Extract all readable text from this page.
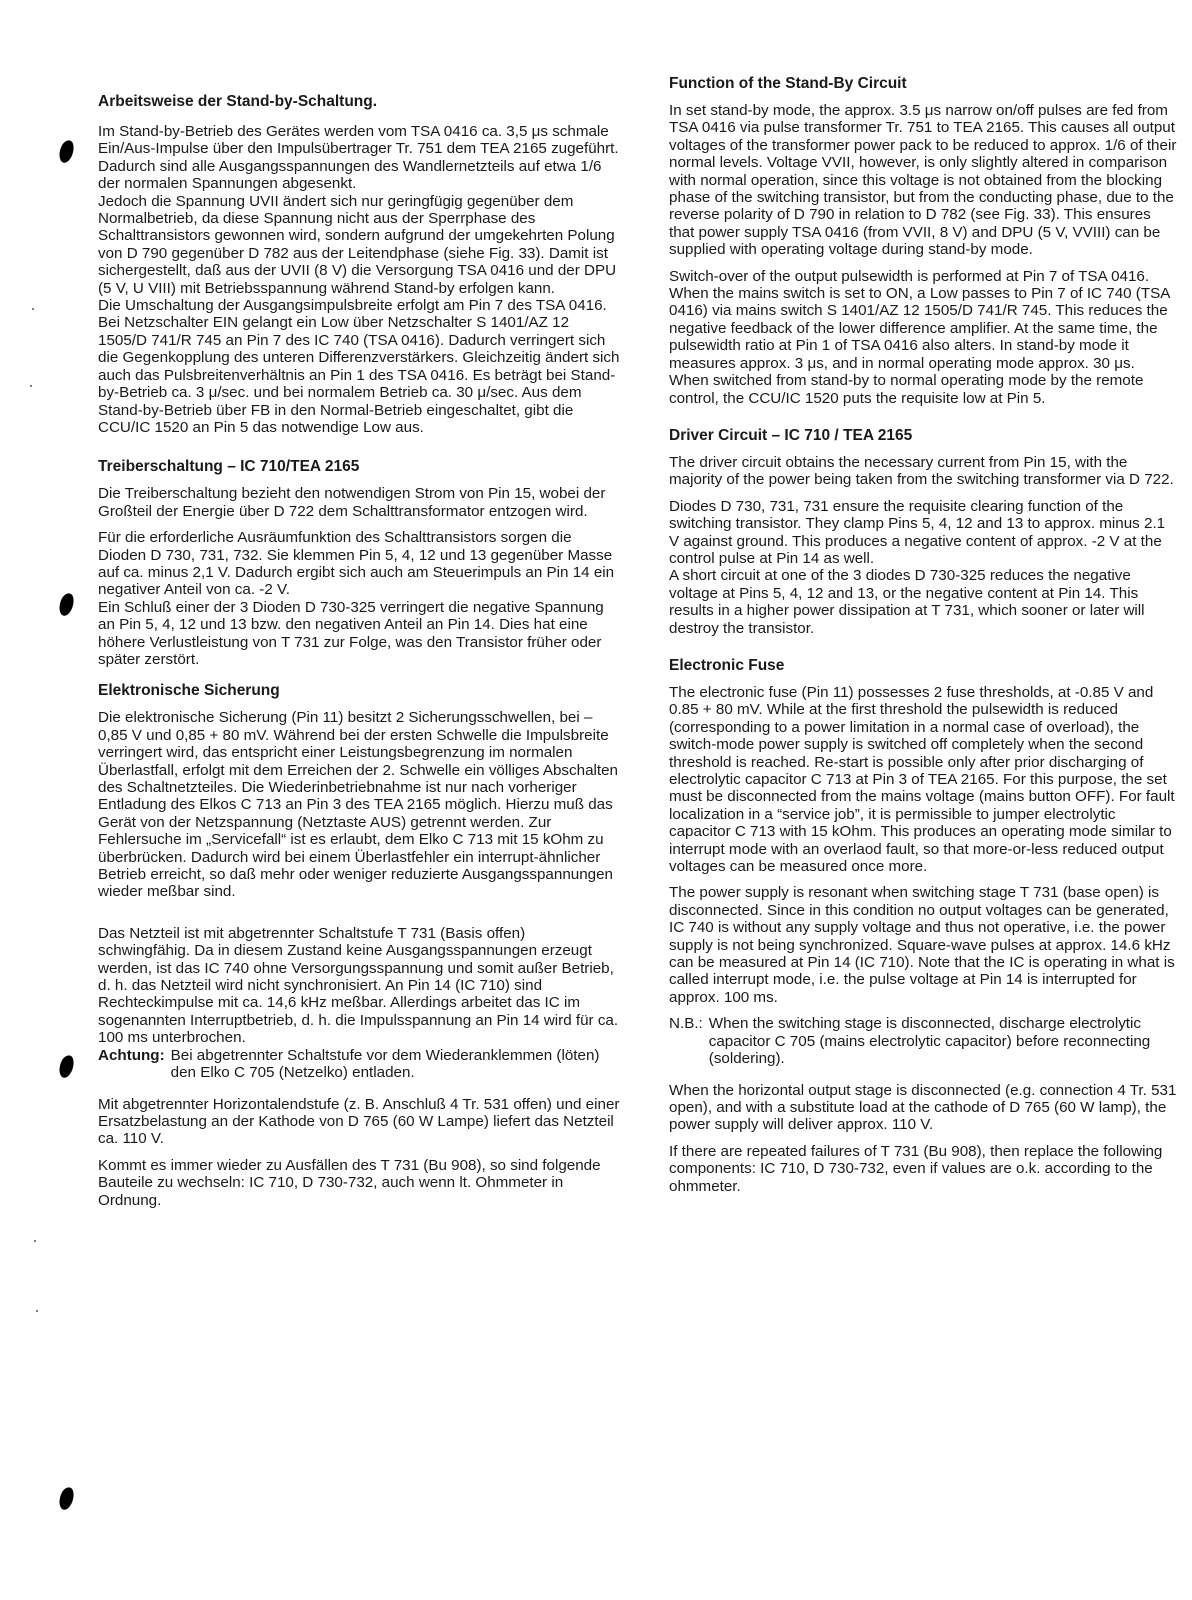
Arbeitsweise der Stand-by-Schaltung.

Im Stand-by-Betrieb des Gerätes werden vom TSA 0416 ca. 3,5 μs schmale Ein/Aus-Impulse über den Impulsübertrager Tr. 751 dem TEA 2165 zugeführt. Dadurch sind alle Ausgangsspannungen des Wandlernetzteils auf etwa 1/6 der normalen Spannungen abgesenkt.

Jedoch die Spannung UVII ändert sich nur geringfügig gegenüber dem Normalbetrieb, da diese Spannung nicht aus der Sperrphase des Schalttransistors gewonnen wird, sondern aufgrund der umgekehrten Polung von D 790 gegenüber D 782 aus der Leitendphase (siehe Fig. 33). Damit ist sichergestellt, daß aus der UVII (8 V) die Versorgung TSA 0416 und der DPU (5 V, U VIII) mit Betriebsspannung während Stand-by erfolgen kann.

Die Umschaltung der Ausgangsimpulsbreite erfolgt am Pin 7 des TSA 0416. Bei Netzschalter EIN gelangt ein Low über Netzschalter S 1401/AZ 12 1505/D 741/R 745 an Pin 7 des IC 740 (TSA 0416). Dadurch verringert sich die Gegenkopplung des unteren Differenzverstärkers. Gleichzeitig ändert sich auch das Pulsbreitenverhältnis an Pin 1 des TSA 0416. Es beträgt bei Stand-by-Betrieb ca. 3 μ/sec. und bei normalem Betrieb ca. 30 μ/sec. Aus dem Stand-by-Betrieb über FB in den Normal-Betrieb eingeschaltet, gibt die CCU/IC 1520 an Pin 5 das notwendige Low aus.

Treiberschaltung – IC 710/TEA 2165

Die Treiberschaltung bezieht den notwendigen Strom von Pin 15, wobei der Großteil der Energie über D 722 dem Schalttransformator entzogen wird.

Für die erforderliche Ausräumfunktion des Schalttransistors sorgen die Dioden D 730, 731, 732. Sie klemmen Pin 5, 4, 12 und 13 gegenüber Masse auf ca. minus 2,1 V. Dadurch ergibt sich auch am Steuerimpuls an Pin 14 ein negativer Anteil von ca. -2 V.

Ein Schluß einer der 3 Dioden D 730-325 verringert die negative Spannung an Pin 5, 4, 12 und 13 bzw. den negativen Anteil an Pin 14. Dies hat eine höhere Verlustleistung von T 731 zur Folge, was den Transistor früher oder später zerstört.

Elektronische Sicherung

Die elektronische Sicherung (Pin 11) besitzt 2 Sicherungsschwellen, bei – 0,85 V und 0,85 + 80 mV. Während bei der ersten Schwelle die Impulsbreite verringert wird, das entspricht einer Leistungsbegrenzung im normalen Überlastfall, erfolgt mit dem Erreichen der 2. Schwelle ein völliges Abschalten des Schaltnetzteiles. Die Wiederinbetriebnahme ist nur nach vorheriger Entladung des Elkos C 713 an Pin 3 des TEA 2165 möglich. Hierzu muß das Gerät von der Netzspannung (Netztaste AUS) getrennt werden. Zur Fehlersuche im „Servicefall“ ist es erlaubt, dem Elko C 713 mit 15 kOhm zu überbrücken. Dadurch wird bei einem Überlastfehler ein interrupt-ähnlicher Betrieb erreicht, so daß mehr oder weniger reduzierte Ausgangsspannungen wieder meßbar sind.

Das Netzteil ist mit abgetrennter Schaltstufe T 731 (Basis offen) schwingfähig. Da in diesem Zustand keine Ausgangsspannungen erzeugt werden, ist das IC 740 ohne Versorgungsspannung und somit außer Betrieb, d. h. das Netzteil wird nicht synchronisiert. An Pin 14 (IC 710) sind Rechteckimpulse mit ca. 14,6 kHz meßbar. Allerdings arbeitet das IC im sogenannten Interruptbetrieb, d. h. die Impulsspannung an Pin 14 wird für ca. 100 ms unterbrochen.

Achtung: Bei abgetrennter Schaltstufe vor dem Wiederanklemmen (löten) den Elko C 705 (Netzelko) entladen.

Mit abgetrennter Horizontalendstufe (z. B. Anschluß 4 Tr. 531 offen) und einer Ersatzbelastung an der Kathode von D 765 (60 W Lampe) liefert das Netzteil ca. 110 V.

Kommt es immer wieder zu Ausfällen des T 731 (Bu 908), so sind folgende Bauteile zu wechseln: IC 710, D 730-732, auch wenn lt. Ohmmeter in Ordnung.

Function of the Stand-By Circuit

In set stand-by mode, the approx. 3.5 μs narrow on/off pulses are fed from TSA 0416 via pulse transformer Tr. 751 to TEA 2165. This causes all output voltages of the transformer power pack to be reduced to approx. 1/6 of their normal levels. Voltage VVII, however, is only slightly altered in comparison with normal operation, since this voltage is not obtained from the blocking phase of the switching transistor, but from the conducting phase, due to the reverse polarity of D 790 in relation to D 782 (see Fig. 33). This ensures that power supply TSA 0416 (from VVII, 8 V) and DPU (5 V, VVIII) can be supplied with operating voltage during stand-by mode.

Switch-over of the output pulsewidth is performed at Pin 7 of TSA 0416. When the mains switch is set to ON, a Low passes to Pin 7 of IC 740 (TSA 0416) via mains switch S 1401/AZ 12 1505/D 741/R 745. This reduces the negative feedback of the lower difference amplifier. At the same time, the pulsewidth ratio at Pin 1 of TSA 0416 also alters. In stand-by mode it measures approx. 3 μs, and in normal operating mode approx. 30 μs. When switched from stand-by to normal operating mode by the remote control, the CCU/IC 1520 puts the requisite low at Pin 5.

Driver Circuit – IC 710 / TEA 2165

The driver circuit obtains the necessary current from Pin 15, with the majority of the power being taken from the switching transformer via D 722.

Diodes D 730, 731, 731 ensure the requisite clearing function of the switching transistor. They clamp Pins 5, 4, 12 and 13 to approx. minus 2.1 V against ground. This produces a negative content of approx. -2 V at the control pulse at Pin 14 as well.

A short circuit at one of the 3 diodes D 730-325 reduces the negative voltage at Pins 5, 4, 12 and 13, or the negative content at Pin 14. This results in a higher power dissipation at T 731, which sooner or later will destroy the transistor.

Electronic Fuse

The electronic fuse (Pin 11) possesses 2 fuse thresholds, at -0.85 V and 0.85 + 80 mV. While at the first threshold the pulsewidth is reduced (corresponding to a power limitation in a normal case of overload), the switch-mode power supply is switched off completely when the second threshold is reached. Re-start is possible only after prior discharging of electrolytic capacitor C 713 at Pin 3 of TEA 2165. For this purpose, the set must be disconnected from the mains voltage (mains button OFF). For fault localization in a “service job”, it is permissible to jumper electrolytic capacitor C 713 with 15 kOhm. This produces an operating mode similar to interrupt mode with an overlaod fault, so that more-or-less reduced output voltages can be measured once more.

The power supply is resonant when switching stage T 731 (base open) is disconnected. Since in this condition no output voltages can be generated, IC 740 is without any supply voltage and thus not operative, i.e. the power supply is not being synchronized. Square-wave pulses at approx. 14.6 kHz can be measured at Pin 14 (IC 710). Note that the IC is operating in what is called interrupt mode, i.e. the pulse voltage at Pin 14 is interrupted for approx. 100 ms.

N.B.: When the switching stage is disconnected, discharge electrolytic capacitor C 705 (mains electrolytic capacitor) before reconnecting (soldering).

When the horizontal output stage is disconnected (e.g. connection 4 Tr. 531 open), and with a substitute load at the cathode of D 765 (60 W lamp), the power supply will deliver approx. 110 V.

If there are repeated failures of T 731 (Bu 908), then replace the following components: IC 710, D 730-732, even if values are o.k. according to the ohmmeter.
